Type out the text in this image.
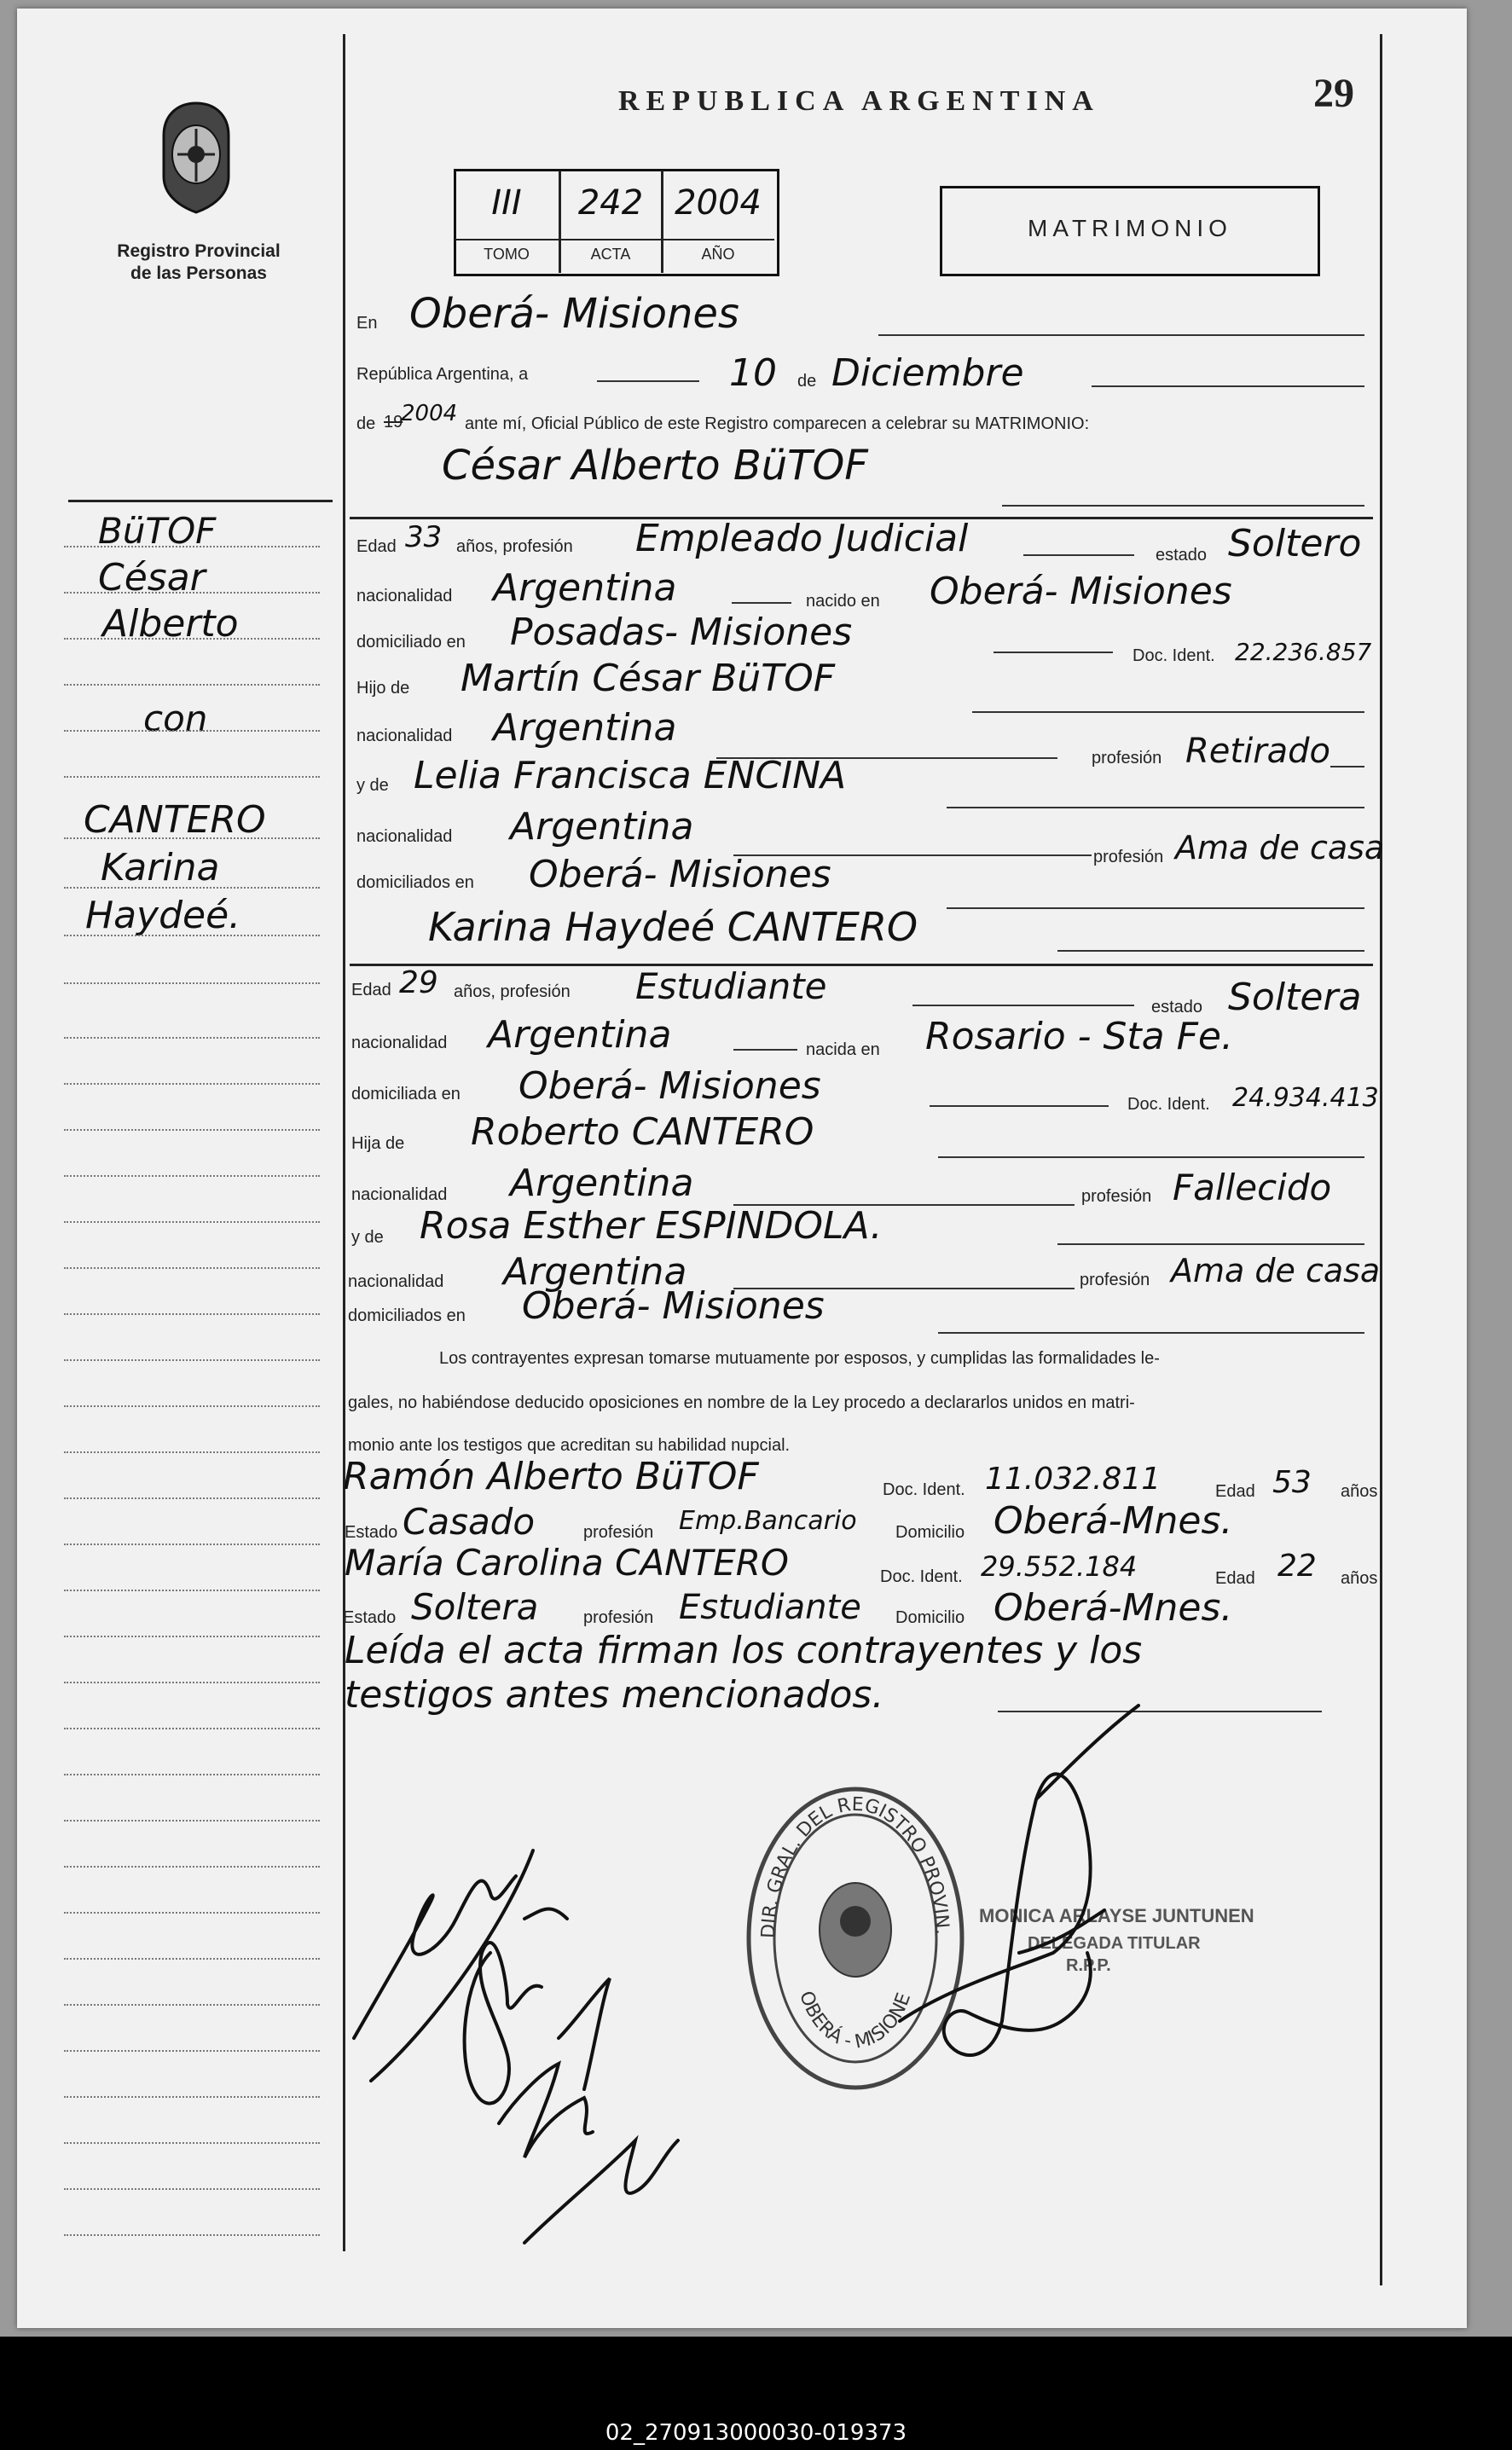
Registro Provincial de las Personas
REPUBLICA ARGENTINA	29
III	242 2004
TOMO	ACTA	AÑO
MATRIMONIO
BüTOF
César
Alberto
con
CANTERO
Karina
Haydeé.
En Oberá- Misiones
República Argentina, a	10 de Diciembre
de 19
2004 ante mí, Oficial Público de este Registro comparecen a celebrar su MATRIMONIO:
César Alberto BüTOF
Edad 33 años, profesión Empleado Judicial	estado Soltero
nacionalidad Argentina	nacido en Oberá- Misiones
domiciliado en Posadas- Misiones
Doc. Ident. 22.236.857
Hijo de Martín César BüTOF
nacionalidad Argentina
profesión Retirado
y de Lelia Francisca ENCINA
nacionalidad Argentina
profesión Ama de casa
domiciliados en Oberá- Misiones
Karina Haydeé CANTERO
Edad 29 años, profesión Estudiante	estado Soltera
nacionalidad Argentina	nacida en Rosario - Sta Fe.
domiciliada en Oberá- Misiones	Doc. Ident. 24.934.413
Hija de Roberto CANTERO
nacionalidad Argentina	profesión Fallecido
y de Rosa Esther ESPINDOLA.
nacionalidad Argentina	profesión Ama de casa
domiciliados en Oberá- Misiones
Los contrayentes expresan tomarse mutuamente por esposos, y cumplidas las formalidades le-
gales, no habiéndose deducido oposiciones en nombre de la Ley procedo a declararlos unidos en matri-
monio ante los testigos que acreditan su habilidad nupcial.
Ramón Alberto BüTOF	Doc. Ident. 11.032.811	Edad 53 años
Estado Casado	profesión Emp.Bancario Domicilio Oberá-Mnes.
María Carolina CANTERO	Doc. Ident. 29.552.184	Edad 22 años
Estado Soltera	profesión Estudiante Domicilio Oberá-Mnes.
Leída el acta firman los contrayentes y los
testigos antes mencionados.
DIR. GRAL. DEL REGISTRO PROVIN.
OBERÁ - MISIONE
MONICA ARLAYSE JUNTUNEN
DELEGADA TITULAR
R.P.P.
02_270913000030-019373
